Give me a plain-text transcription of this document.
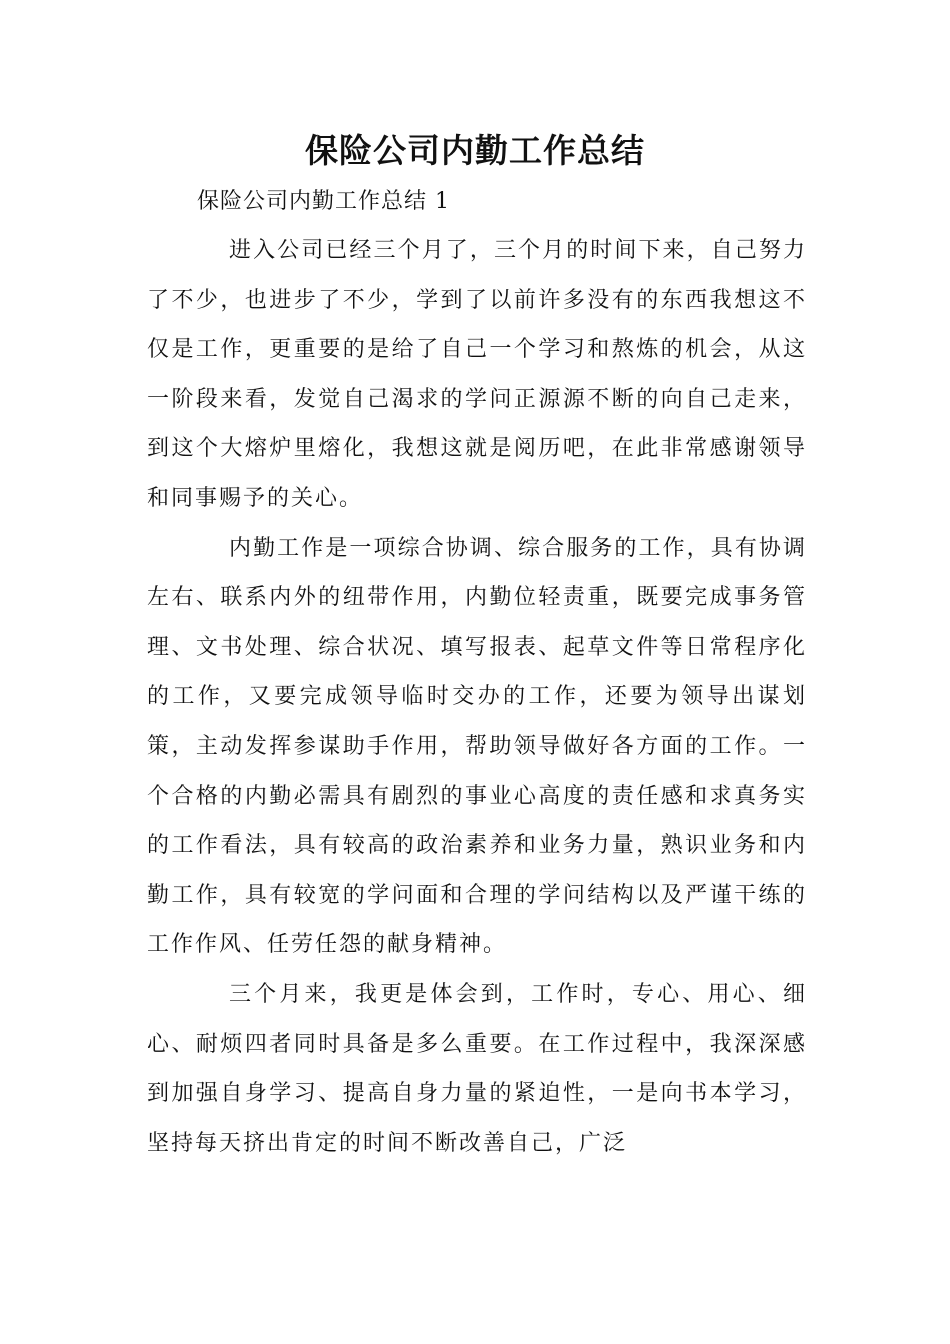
保险公司内勤工作总结

保险公司内勤工作总结 1

进入公司已经三个月了，三个月的时间下来，自己努力了不少，也进步了不少，学到了以前许多没有的东西我想这不仅是工作，更重要的是给了自己一个学习和熬炼的机会，从这一阶段来看，发觉自己渴求的学问正源源不断的向自己走来，到这个大熔炉里熔化，我想这就是阅历吧，在此非常感谢领导和同事赐予的关心。

内勤工作是一项综合协调、综合服务的工作，具有协调左右、联系内外的纽带作用，内勤位轻责重，既要完成事务管理、文书处理、综合状况、填写报表、起草文件等日常程序化的工作，又要完成领导临时交办的工作，还要为领导出谋划策，主动发挥参谋助手作用，帮助领导做好各方面的工作。一个合格的内勤必需具有剧烈的事业心高度的责任感和求真务实的工作看法，具有较高的政治素养和业务力量，熟识业务和内勤工作，具有较宽的学问面和合理的学问结构以及严谨干练的工作作风、任劳任怨的献身精神。

三个月来，我更是体会到，工作时，专心、用心、细心、耐烦四者同时具备是多么重要。在工作过程中，我深深感到加强自身学习、提高自身力量的紧迫性，一是向书本学习，坚持每天挤出肯定的时间不断改善自己，广泛
